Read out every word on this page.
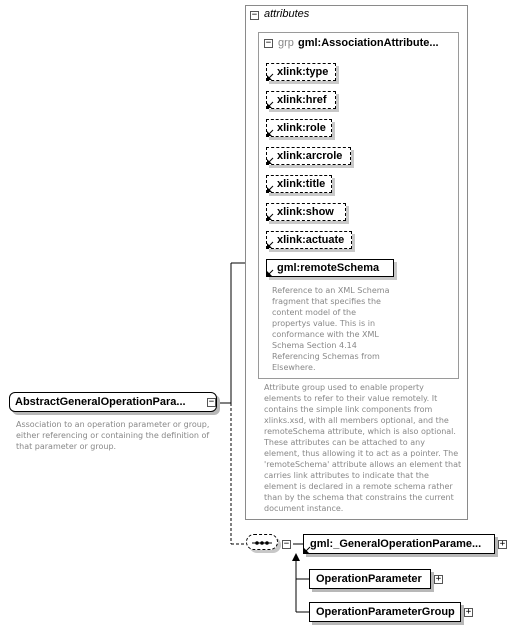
AbstractGeneralOperationPara...	−
Association to an operation parameter or group, either referencing or containing the definition of that parameter or group.
− attributes
− grp gml:AssociationAttribute...
xlink:type
xlink:href
xlink:role
xlink:arcrole
xlink:title
xlink:show
xlink:actuate
gml:remoteSchema
Reference to an XML Schema fragment that specifies the content model of the propertys value. This is in conformance with the XML Schema Section 4.14 Referencing Schemas from Elsewhere.
Attribute group used to enable property elements to refer to their value remotely. It contains the simple link components from xlinks.xsd, with all members optional, and the remoteSchema attribute, which is also optional. These attributes can be attached to any element, thus allowing it to act as a pointer. The 'remoteSchema' attribute allows an element that carries link attributes to indicate that the element is declared in a remote schema rather than by the schema that constrains the current document instance.
−	gml:_GeneralOperationParame...	+
OperationParameter	+
OperationParameterGroup	+
